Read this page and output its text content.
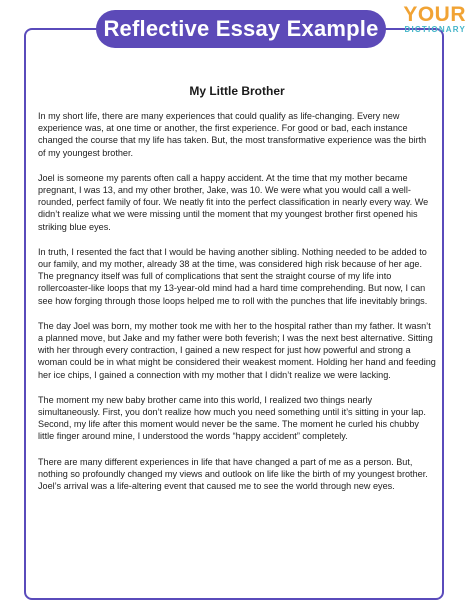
Reflective Essay Example
YOUR
DICTIONARY
My Little Brother

In my short life, there are many experiences that could qualify as life-changing. Every new experience was, at one time or another, the first experience. For good or bad, each instance changed the course that my life has taken. But, the most transformative experience was the birth of my youngest brother.

Joel is someone my parents often call a happy accident. At the time that my mother became pregnant, I was 13, and my other brother, Jake, was 10. We were what you would call a well-rounded, perfect family of four. We neatly fit into the perfect classification in nearly every way. We didn’t realize what we were missing until the moment that my youngest brother first opened his striking blue eyes.

In truth, I resented the fact that I would be having another sibling. Nothing needed to be added to our family, and my mother, already 38 at the time, was considered high risk because of her age. The pregnancy itself was full of complications that sent the straight course of my life into rollercoaster-like loops that my 13-year-old mind had a hard time comprehending. But now, I can see how forging through those loops helped me to roll with the punches that life inevitably brings.

The day Joel was born, my mother took me with her to the hospital rather than my father. It wasn’t a planned move, but Jake and my father were both feverish; I was the next best alternative. Sitting with her through every contraction, I gained a new respect for just how powerful and strong a woman could be in what might be considered their weakest moment. Holding her hand and feeding her ice chips, I gained a connection with my mother that I didn’t realize we were lacking.

The moment my new baby brother came into this world, I realized two things nearly simultaneously. First, you don’t realize how much you need something until it’s sitting in your lap. Second, my life after this moment would never be the same. The moment he curled his chubby little finger around mine, I understood the words “happy accident” completely.

There are many different experiences in life that have changed a part of me as a person. But, nothing so profoundly changed my views and outlook on life like the birth of my youngest brother. Joel’s arrival was a life-altering event that caused me to see the world through new eyes.
